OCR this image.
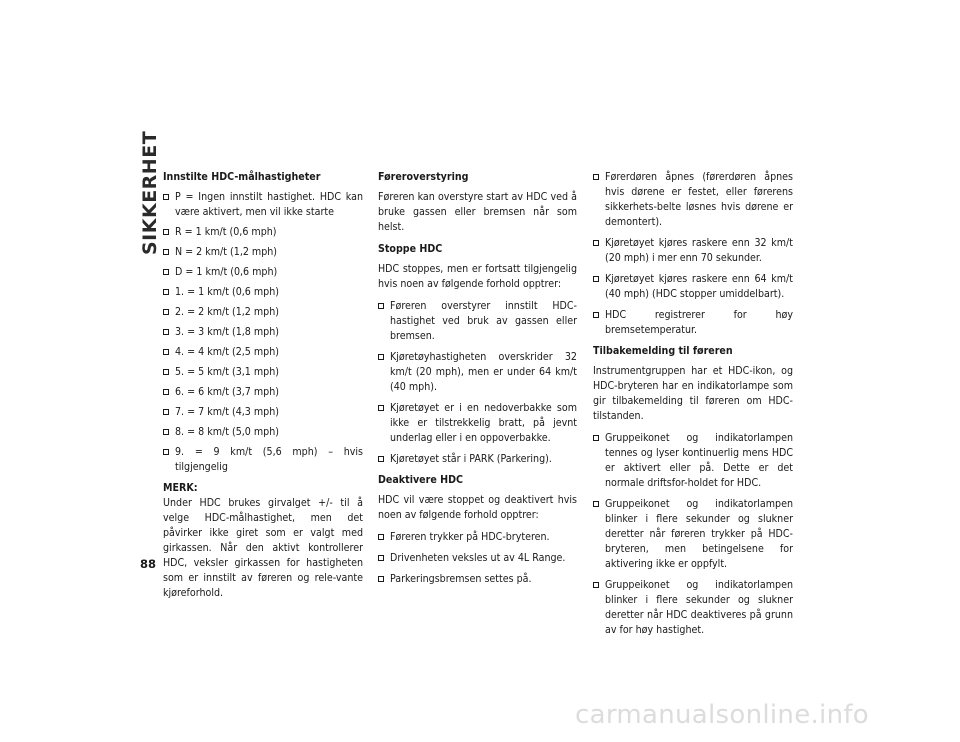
SIKKERHET
88
Innstilte HDC-målhastigheter
P = Ingen innstilt hastighet. HDC kan være aktivert, men vil ikke starte
R = 1 km/t (0,6 mph)
N = 2 km/t (1,2 mph)
D = 1 km/t (0,6 mph)
1. = 1 km/t (0,6 mph)
2. = 2 km/t (1,2 mph)
3. = 3 km/t (1,8 mph)
4. = 4 km/t (2,5 mph)
5. = 5 km/t (3,1 mph)
6. = 6 km/t (3,7 mph)
7. = 7 km/t (4,3 mph)
8. = 8 km/t (5,0 mph)
9. = 9 km/t (5,6 mph) – hvis tilgjengelig
MERK:
Under HDC brukes girvalget +/- til å velge HDC-målhastighet, men det påvirker ikke giret som er valgt med girkassen. Når den aktivt kontrollerer HDC, veksler girkassen for hastigheten som er innstilt av føreren og rele-vante kjøreforhold.
Føreroverstyring
Føreren kan overstyre start av HDC ved å bruke gassen eller bremsen når som helst.
Stoppe HDC
HDC stoppes, men er fortsatt tilgjengelig hvis noen av følgende forhold opptrer:
Føreren overstyrer innstilt HDC-hastighet ved bruk av gassen eller bremsen.
Kjøretøyhastigheten overskrider 32 km/t (20 mph), men er under 64 km/t (40 mph).
Kjøretøyet er i en nedoverbakke som ikke er tilstrekkelig bratt, på jevnt underlag eller i en oppoverbakke.
Kjøretøyet står i PARK (Parkering).
Deaktivere HDC
HDC vil være stoppet og deaktivert hvis noen av følgende forhold opptrer:
Føreren trykker på HDC-bryteren.
Drivenheten veksles ut av 4L Range.
Parkeringsbremsen settes på.
Førerdøren åpnes (førerdøren åpnes hvis dørene er festet, eller førerens sikkerhets-belte løsnes hvis dørene er demontert).
Kjøretøyet kjøres raskere enn 32 km/t (20 mph) i mer enn 70 sekunder.
Kjøretøyet kjøres raskere enn 64 km/t (40 mph) (HDC stopper umiddelbart).
HDC registrerer for høy bremsetemperatur.
Tilbakemelding til føreren
Instrumentgruppen har et HDC-ikon, og HDC-bryteren har en indikatorlampe som gir tilbakemelding til føreren om HDC-tilstanden.
Gruppeikonet og indikatorlampen tennes og lyser kontinuerlig mens HDC er aktivert eller på. Dette er det normale driftsfor-holdet for HDC.
Gruppeikonet og indikatorlampen blinker i flere sekunder og slukner deretter når føreren trykker på HDC-bryteren, men betingelsene for aktivering ikke er oppfylt.
Gruppeikonet og indikatorlampen blinker i flere sekunder og slukner deretter når HDC deaktiveres på grunn av for høy hastighet.
carmanualsonline.info
